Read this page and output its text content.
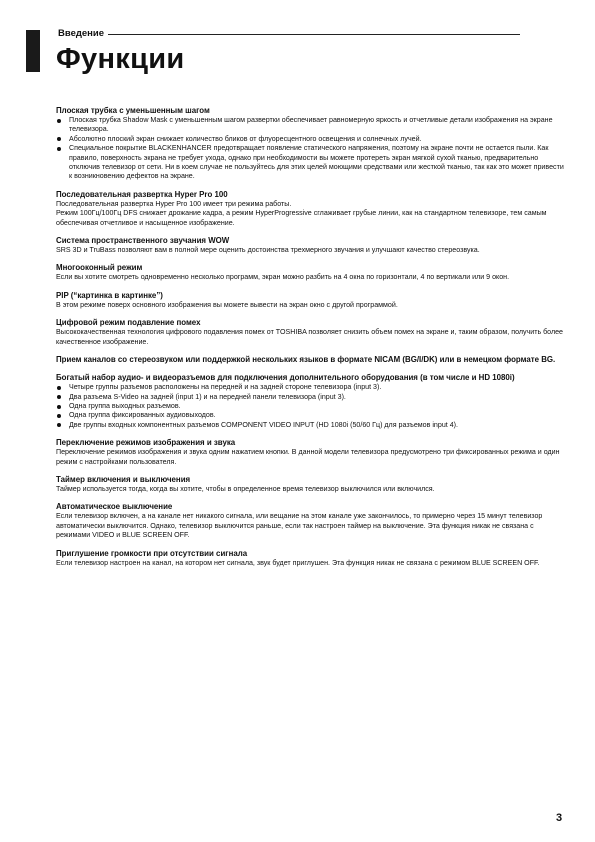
Введение
Функции
Плоская трубка с уменьшенным шагом
Плоская трубка Shadow Mask с уменьшенным шагом развертки обеспечивает равномерную яркость и отчетливые детали изображения на экране телевизора.
Абсолютно плоский экран снижает количество бликов от флуоресцентного освещения и солнечных лучей.
Специальное покрытие BLACKENHANCER предотвращает появление статического напряжения, поэтому на экране почти не остается пыли. Как правило, поверхность экрана не требует ухода, однако при необходимости вы можете протереть экран мягкой сухой тканью, предварительно отключив телевизор от сети. Ни в коем случае не пользуйтесь для этих целей моющими средствами или жесткой тканью, так как это может привести к возникновению дефектов на экране.
Последовательная развертка Hyper Pro 100

Последовательная развертка Hyper Pro 100 имеет три режима работы.

Режим 100Гц/100Гц DFS снижает дрожание кадра, а режим HyperProgressive сглаживает грубые линии, как на стандартном телевизоре, тем самым обеспечивая отчетливое и насыщенное изображение.

Система пространственного звучания WOW

SRS 3D и TruBass позволяют вам в полной мере оценить достоинства трехмерного звучания и улучшают качество стереозвука.

Многооконный режим

Если вы хотите смотреть одновременно несколько программ, экран можно разбить на 4 окна по горизонтали, 4 по вертикали или 9 окон.

PIP (“картинка в картинке”)

В этом режиме поверх основного изображения вы можете вывести на экран окно с другой программой.

Цифровой режим подавление помех

Высококачественная технология цифрового подавления помех от TOSHIBA позволяет снизить объем помех на экране и, таким образом, получить более качественное изображение.

Прием каналов со стереозвуком или поддержкой нескольких языков в формате NICAM (BG/I/DK) или в немецком формате BG.
Богатый набор аудио- и видеоразъемов для подключения дополнительного оборудования (в том числе и HD 1080i)
Четыре группы разъемов расположены на передней и на задней стороне телевизора (input 3).
Два разъема S-Video на задней (input 1) и на передней панели телевизора (input 3).
Одна группа выходных разъемов.
Одна группа фиксированных аудиовыходов.
Две группы входных компонентных разъемов COMPONENT VIDEO INPUT (HD 1080i (50/60 Гц) для разъемов input 4).
Переключение режимов изображения и звука

Переключение режимов изображения и звука одним нажатием кнопки. В данной модели телевизора предусмотрено три фиксированных режима и один режим с настройками пользователя.

Таймер включения и выключения

Таймер используется тогда, когда вы хотите, чтобы в определенное время телевизор выключился или включился.

Автоматическое выключение

Если телевизор включен, а на канале нет никакого сигнала, или вещание на этом канале уже закончилось, то примерно через 15 минут телевизор автоматически выключится. Однако, телевизор выключится раньше, если так настроен таймер на выключение. Эта функция никак не связана с режимами VIDEO и BLUE SCREEN OFF.

Приглушение громкости при отсутствии сигнала

Если телевизор настроен на канал, на котором нет сигнала, звук будет приглушен. Эта функция никак не связана с режимом BLUE SCREEN OFF.

3
